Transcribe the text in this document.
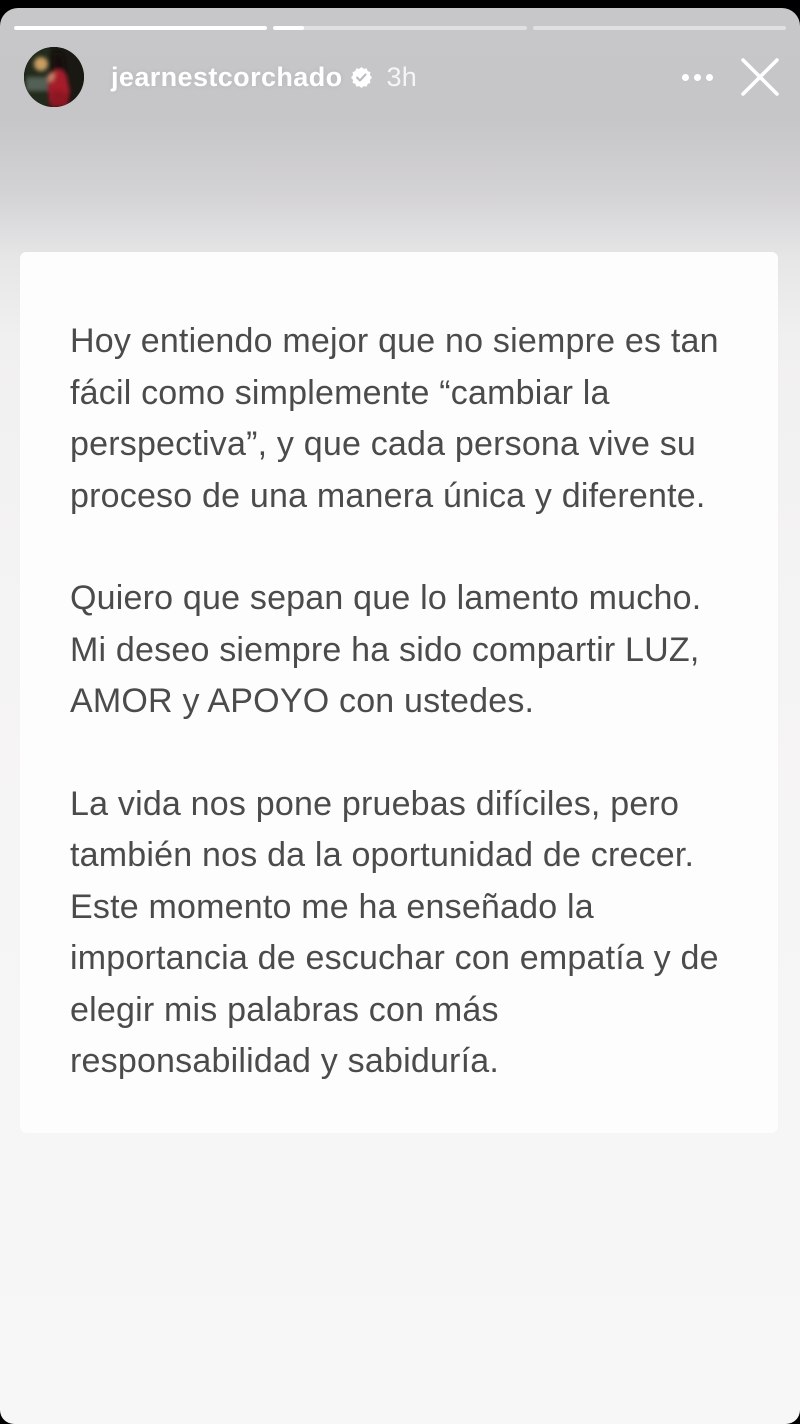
jearnestcorchado 3h

Hoy entiendo mejor que no siempre es tan fácil como simplemente “cambiar la perspectiva”, y que cada persona vive su proceso de una manera única y diferente.

Quiero que sepan que lo lamento mucho. Mi deseo siempre ha sido compartir LUZ, AMOR y APOYO con ustedes.

La vida nos pone pruebas difíciles, pero también nos da la oportunidad de crecer. Este momento me ha enseñado la importancia de escuchar con empatía y de elegir mis palabras con más responsabilidad y sabiduría.
